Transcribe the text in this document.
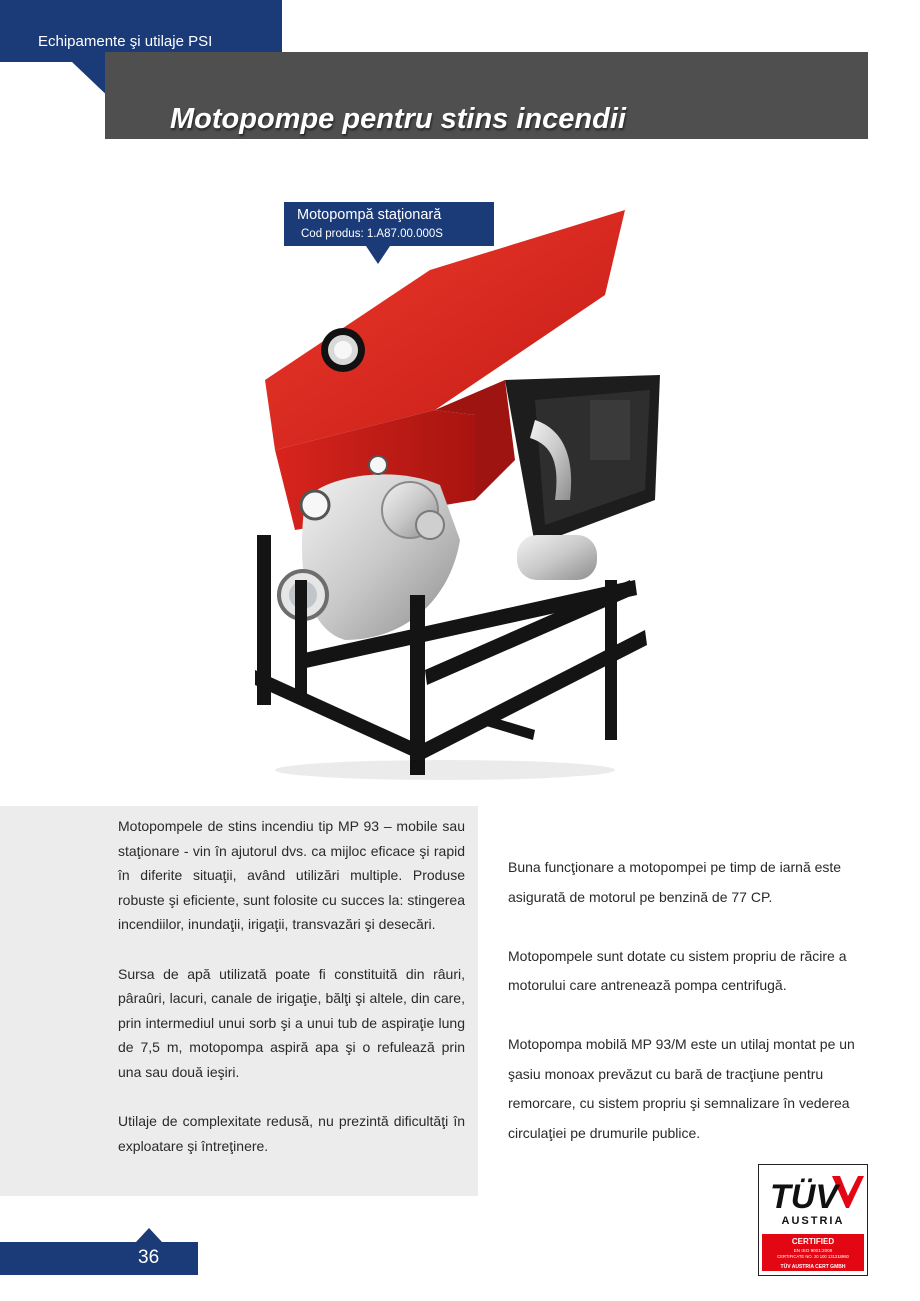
Echipamente şi utilaje PSI
Motopompe pentru stins incendii
Motopompă staţionară
Cod produs: 1.A87.00.000S

Motopompele de stins incendiu tip MP 93 – mobile sau staţionare - vin în ajutorul dvs. ca mijloc eficace şi rapid în diferite situaţii, având utilizări multiple. Produse robuste şi eficiente, sunt folosite cu succes la: stingerea incendiilor, inundaţii, irigaţii, transvazări şi desecări.

Sursa de apă utilizată poate fi constituită din râuri, pâraûri, lacuri, canale de irigaţie, bălţi şi altele, din care, prin intermediul unui sorb şi a unui tub de aspiraţie lung de 7,5 m, motopompa aspiră apa şi o refulează prin una sau două ieşiri.

Utilaje de complexitate redusă, nu prezintă dificultăţi în exploatare şi întreţinere.

Buna funcţionare a motopompei pe timp de iarnă este asigurată de motorul pe benzină de 77 CP.

Motopompele sunt dotate cu sistem propriu de răcire a motorului care antrenează pompa centrifugă.

Motopompa mobilă MP 93/M este un utilaj montat pe un şasiu monoax prevăzut cu bară de tracţiune pentru remorcare, cu sistem propriu şi semnalizare în vederea circulaţiei pe drumurile publice.

36
TÜV
AUSTRIA
CERTIFIED
EN ISO 9001:2008
CERTIFICATE NO. 20 100 131318960
TÜV AUSTRIA CERT GMBH
